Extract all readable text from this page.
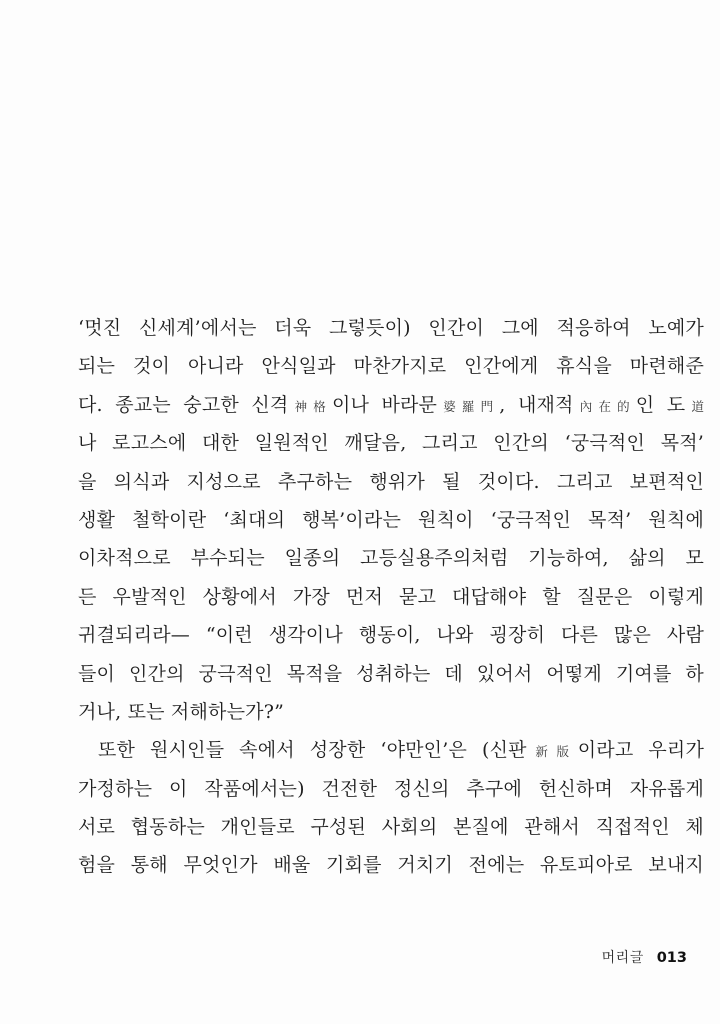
‘멋진 신세계’에서는 더욱 그렇듯이) 인간이 그에 적응하여 노예가
되는 것이 아니라 안식일과 마찬가지로 인간에게 휴식을 마련해준
다. 종교는 숭고한 신격神格이나 바라문婆羅門, 내재적內在的인 도道
나 로고스에 대한 일원적인 깨달음, 그리고 인간의 ‘궁극적인 목적’
을 의식과 지성으로 추구하는 행위가 될 것이다. 그리고 보편적인
생활 철학이란 ‘최대의 행복’이라는 원칙이 ‘궁극적인 목적’ 원칙에
이차적으로 부수되는 일종의 고등실용주의처럼 기능하여, 삶의 모
든 우발적인 상황에서 가장 먼저 묻고 대답해야 할 질문은 이렇게
귀결되리라— “이런 생각이나 행동이, 나와 굉장히 다른 많은 사람
들이 인간의 궁극적인 목적을 성취하는 데 있어서 어떻게 기여를 하
거나, 또는 저해하는가?”
또한 원시인들 속에서 성장한 ‘야만인’은 (신판新版이라고 우리가
가정하는 이 작품에서는) 건전한 정신의 추구에 헌신하며 자유롭게
서로 협동하는 개인들로 구성된 사회의 본질에 관해서 직접적인 체
험을 통해 무엇인가 배울 기회를 거치기 전에는 유토피아로 보내지
머리글 013
